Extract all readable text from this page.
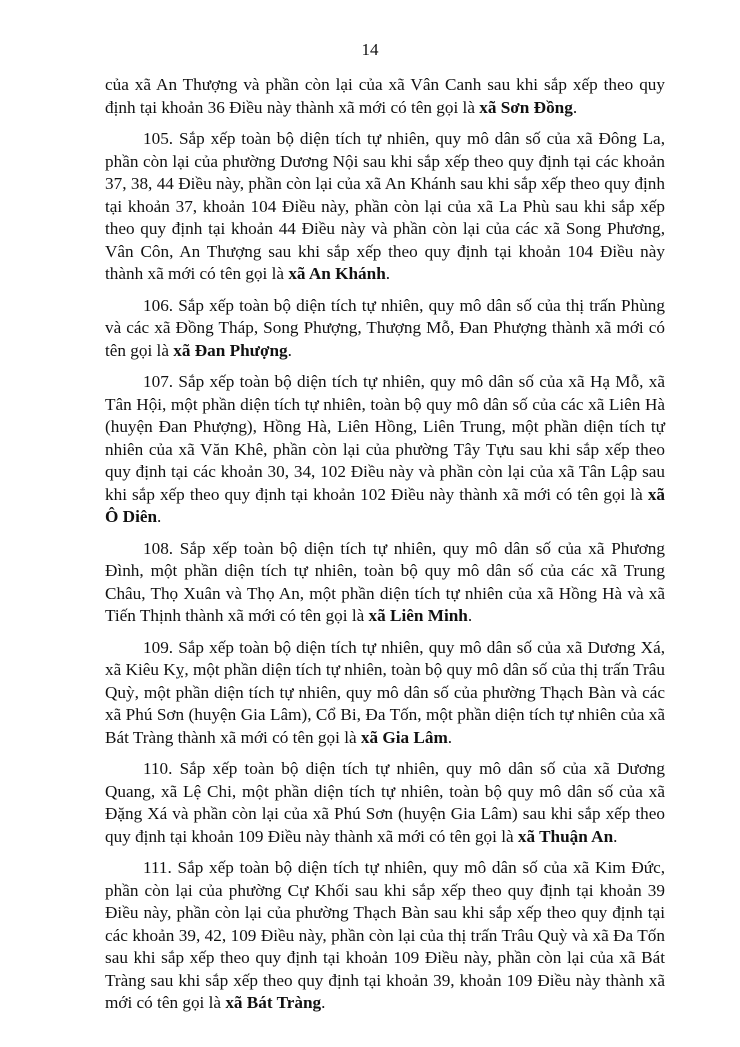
14

của xã An Thượng và phần còn lại của xã Vân Canh sau khi sắp xếp theo quy định tại khoản 36 Điều này thành xã mới có tên gọi là xã Sơn Đồng.

105. Sắp xếp toàn bộ diện tích tự nhiên, quy mô dân số của xã Đông La, phần còn lại của phường Dương Nội sau khi sắp xếp theo quy định tại các khoản 37, 38, 44 Điều này, phần còn lại của xã An Khánh sau khi sắp xếp theo quy định tại khoản 37, khoản 104 Điều này, phần còn lại của xã La Phù sau khi sắp xếp theo quy định tại khoản 44 Điều này và phần còn lại của các xã Song Phương, Vân Côn, An Thượng sau khi sắp xếp theo quy định tại khoản 104 Điều này thành xã mới có tên gọi là xã An Khánh.

106. Sắp xếp toàn bộ diện tích tự nhiên, quy mô dân số của thị trấn Phùng và các xã Đồng Tháp, Song Phượng, Thượng Mỗ, Đan Phượng thành xã mới có tên gọi là xã Đan Phượng.

107. Sắp xếp toàn bộ diện tích tự nhiên, quy mô dân số của xã Hạ Mỗ, xã Tân Hội, một phần diện tích tự nhiên, toàn bộ quy mô dân số của các xã Liên Hà (huyện Đan Phượng), Hồng Hà, Liên Hồng, Liên Trung, một phần diện tích tự nhiên của xã Văn Khê, phần còn lại của phường Tây Tựu sau khi sắp xếp theo quy định tại các khoản 30, 34, 102 Điều này và phần còn lại của xã Tân Lập sau khi sắp xếp theo quy định tại khoản 102 Điều này thành xã mới có tên gọi là xã Ô Diên.

108. Sắp xếp toàn bộ diện tích tự nhiên, quy mô dân số của xã Phương Đình, một phần diện tích tự nhiên, toàn bộ quy mô dân số của các xã Trung Châu, Thọ Xuân và Thọ An, một phần diện tích tự nhiên của xã Hồng Hà và xã Tiến Thịnh thành xã mới có tên gọi là xã Liên Minh.

109. Sắp xếp toàn bộ diện tích tự nhiên, quy mô dân số của xã Dương Xá, xã Kiêu Kỵ, một phần diện tích tự nhiên, toàn bộ quy mô dân số của thị trấn Trâu Quỳ, một phần diện tích tự nhiên, quy mô dân số của phường Thạch Bàn và các xã Phú Sơn (huyện Gia Lâm), Cổ Bi, Đa Tốn, một phần diện tích tự nhiên của xã Bát Tràng thành xã mới có tên gọi là xã Gia Lâm.

110. Sắp xếp toàn bộ diện tích tự nhiên, quy mô dân số của xã Dương Quang, xã Lệ Chi, một phần diện tích tự nhiên, toàn bộ quy mô dân số của xã Đặng Xá và phần còn lại của xã Phú Sơn (huyện Gia Lâm) sau khi sắp xếp theo quy định tại khoản 109 Điều này thành xã mới có tên gọi là xã Thuận An.

111. Sắp xếp toàn bộ diện tích tự nhiên, quy mô dân số của xã Kim Đức, phần còn lại của phường Cự Khối sau khi sắp xếp theo quy định tại khoản 39 Điều này, phần còn lại của phường Thạch Bàn sau khi sắp xếp theo quy định tại các khoản 39, 42, 109 Điều này, phần còn lại của thị trấn Trâu Quỳ và xã Đa Tốn sau khi sắp xếp theo quy định tại khoản 109 Điều này, phần còn lại của xã Bát Tràng sau khi sắp xếp theo quy định tại khoản 39, khoản 109 Điều này thành xã mới có tên gọi là xã Bát Tràng.
